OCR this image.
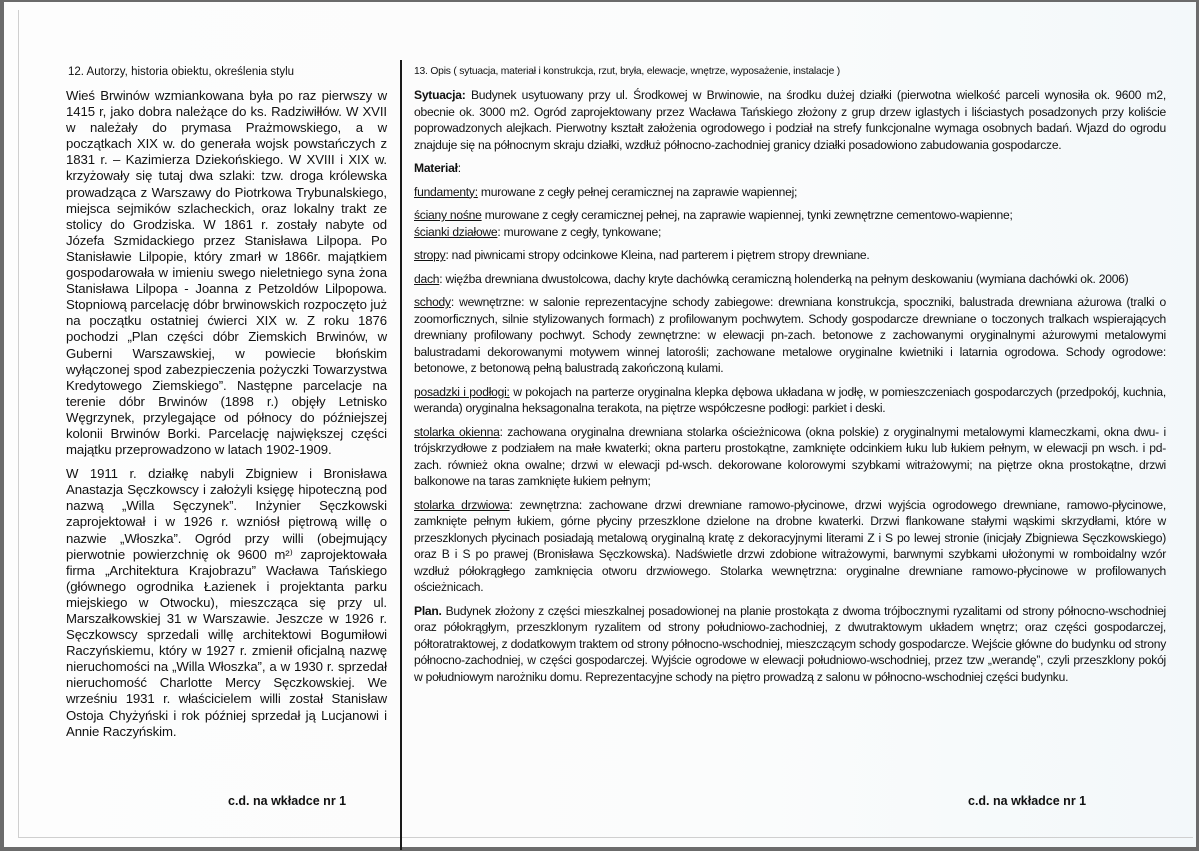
12. Autorzy, historia obiektu, określenia stylu

Wieś Brwinów wzmiankowana była po raz pierwszy w 1415 r, jako dobra należące do ks. Radziwiłłów. W XVII w należały do prymasa Prażmowskiego, a w początkach XIX w. do generała wojsk powstańczych z 1831 r. – Kazimierza Dziekońskiego. W XVIII i XIX w. krzyżowały się tutaj dwa szlaki: tzw. droga królewska prowadząca z Warszawy do Piotrkowa Trybunalskiego, miejsca sejmików szlacheckich, oraz lokalny trakt ze stolicy do Grodziska. W 1861 r. zostały nabyte od Józefa Szmidackiego przez Stanisława Lilpopa. Po Stanisławie Lilpopie, który zmarł w 1866r. majątkiem gospodarowała w imieniu swego nieletniego syna żona Stanisława Lilpopa - Joanna z Petzoldów Lilpopowa. Stopniową parcelację dóbr brwinowskich rozpoczęto już na początku ostatniej ćwierci XIX w. Z roku 1876 pochodzi „Plan części dóbr Ziemskich Brwinów, w Guberni Warszawskiej, w powiecie błońskim wyłączonej spod zabezpieczenia pożyczki Towarzystwa Kredytowego Ziemskiego”. Następne parcelacje na terenie dóbr Brwinów (1898 r.) objęły Letnisko Węgrzynek, przylegające od północy do późniejszej kolonii Brwinów Borki. Parcelację największej części majątku przeprowadzono w latach 1902-1909.

W 1911 r. działkę nabyli Zbigniew i Bronisława Anastazja Sęczkowscy i założyli księgę hipoteczną pod nazwą „Willa Sęczynek”. Inżynier Sęczkowski zaprojektował i w 1926 r. wzniósł piętrową willę o nazwie „Włoszka”. Ogród przy willi (obejmujący pierwotnie powierzchnię ok 9600 m²⁾ zaprojektowała firma „Architektura Krajobrazu” Wacława Tańskiego (głównego ogrodnika Łazienek i projektanta parku miejskiego w Otwocku), mieszcząca się przy ul. Marszałkowskiej 31 w Warszawie. Jeszcze w 1926 r. Sęczkowscy sprzedali willę architektowi Bogumiłowi Raczyńskiemu, który w 1927 r. zmienił oficjalną nazwę nieruchomości na „Willa Włoszka”, a w 1930 r. sprzedał nieruchomość Charlotte Mercy Sęczkowskiej. We wrześniu 1931 r. właścicielem willi został Stanisław Ostoja Chyżyński i rok później sprzedał ją Lucjanowi i Annie Raczyńskim.

c.d. na wkładce nr 1
13. Opis ( sytuacja, materiał i konstrukcja, rzut, bryła, elewacje, wnętrze, wyposażenie, instalacje )

Sytuacja: Budynek usytuowany przy ul. Środkowej w Brwinowie, na środku dużej działki (pierwotna wielkość parceli wynosiła ok. 9600 m2, obecnie ok. 3000 m2. Ogród zaprojektowany przez Wacława Tańskiego złożony z grup drzew iglastych i liściastych posadzonych przy koliście poprowadzonych alejkach. Pierwotny kształt założenia ogrodowego i podział na strefy funkcjonalne wymaga osobnych badań. Wjazd do ogrodu znajduje się na północnym skraju działki, wzdłuż północno-zachodniej granicy działki posadowiono zabudowania gospodarcze.

Materiał:

fundamenty: murowane z cegły pełnej ceramicznej na zaprawie wapiennej;

ściany nośne murowane z cegły ceramicznej pełnej, na zaprawie wapiennej, tynki zewnętrzne cementowo-wapienne;
ścianki działowe: murowane z cegły, tynkowane;

stropy: nad piwnicami stropy odcinkowe Kleina, nad parterem i piętrem stropy drewniane.

dach: więźba drewniana dwustolcowa, dachy kryte dachówką ceramiczną holenderką na pełnym deskowaniu (wymiana dachówki ok. 2006)

schody: wewnętrzne: w salonie reprezentacyjne schody zabiegowe: drewniana konstrukcja, spoczniki, balustrada drewniana ażurowa (tralki o zoomorficznych, silnie stylizowanych formach) z profilowanym pochwytem. Schody gospodarcze drewniane o toczonych tralkach wspierających drewniany profilowany pochwyt. Schody zewnętrzne: w elewacji pn-zach. betonowe z zachowanymi oryginalnymi ażurowymi metalowymi balustradami dekorowanymi motywem winnej latorośli; zachowane metalowe oryginalne kwietniki i latarnia ogrodowa. Schody ogrodowe: betonowe, z betonową pełną balustradą zakończoną kulami.

posadzki i podłogi: w pokojach na parterze oryginalna klepka dębowa układana w jodłę, w pomieszczeniach gospodarczych (przedpokój, kuchnia, weranda) oryginalna heksagonalna terakota, na piętrze współczesne podłogi: parkiet i deski.

stolarka okienna: zachowana oryginalna drewniana stolarka ościeżnicowa (okna polskie) z oryginalnymi metalowymi klameczkami, okna dwu- i trójskrzydłowe z podziałem na małe kwaterki; okna parteru prostokątne, zamknięte odcinkiem łuku lub łukiem pełnym, w elewacji pn wsch. i pd-zach. również okna owalne; drzwi w elewacji pd-wsch. dekorowane kolorowymi szybkami witrażowymi; na piętrze okna prostokątne, drzwi balkonowe na taras zamknięte łukiem pełnym;

stolarka drzwiowa: zewnętrzna: zachowane drzwi drewniane ramowo-płycinowe, drzwi wyjścia ogrodowego drewniane, ramowo-płycinowe, zamknięte pełnym łukiem, górne płyciny przeszklone dzielone na drobne kwaterki. Drzwi flankowane stałymi wąskimi skrzydłami, które w przeszklonych płycinach posiadają metalową oryginalną kratę z dekoracyjnymi literami Z i S po lewej stronie (inicjały Zbigniewa Sęczkowskiego) oraz B i S po prawej (Bronisława Sęczkowska). Nadświetle drzwi zdobione witrażowymi, barwnymi szybkami ułożonymi w romboidalny wzór wzdłuż półokrągłego zamknięcia otworu drzwiowego. Stolarka wewnętrzna: oryginalne drewniane ramowo-płycinowe w profilowanych ościeżnicach.

Plan. Budynek złożony z części mieszkalnej posadowionej na planie prostokąta z dwoma trójbocznymi ryzalitami od strony północno-wschodniej oraz półokrągłym, przeszklonym ryzalitem od strony południowo-zachodniej, z dwutraktowym układem wnętrz; oraz części gospodarczej, półtoratraktowej, z dodatkowym traktem od strony północno-wschodniej, mieszczącym schody gospodarcze. Wejście główne do budynku od strony północno-zachodniej, w części gospodarczej. Wyjście ogrodowe w elewacji południowo-wschodniej, przez tzw „werandę”, czyli przeszklony pokój w południowym narożniku domu. Reprezentacyjne schody na piętro prowadzą z salonu w północno-wschodniej części budynku.

c.d. na wkładce nr 1
